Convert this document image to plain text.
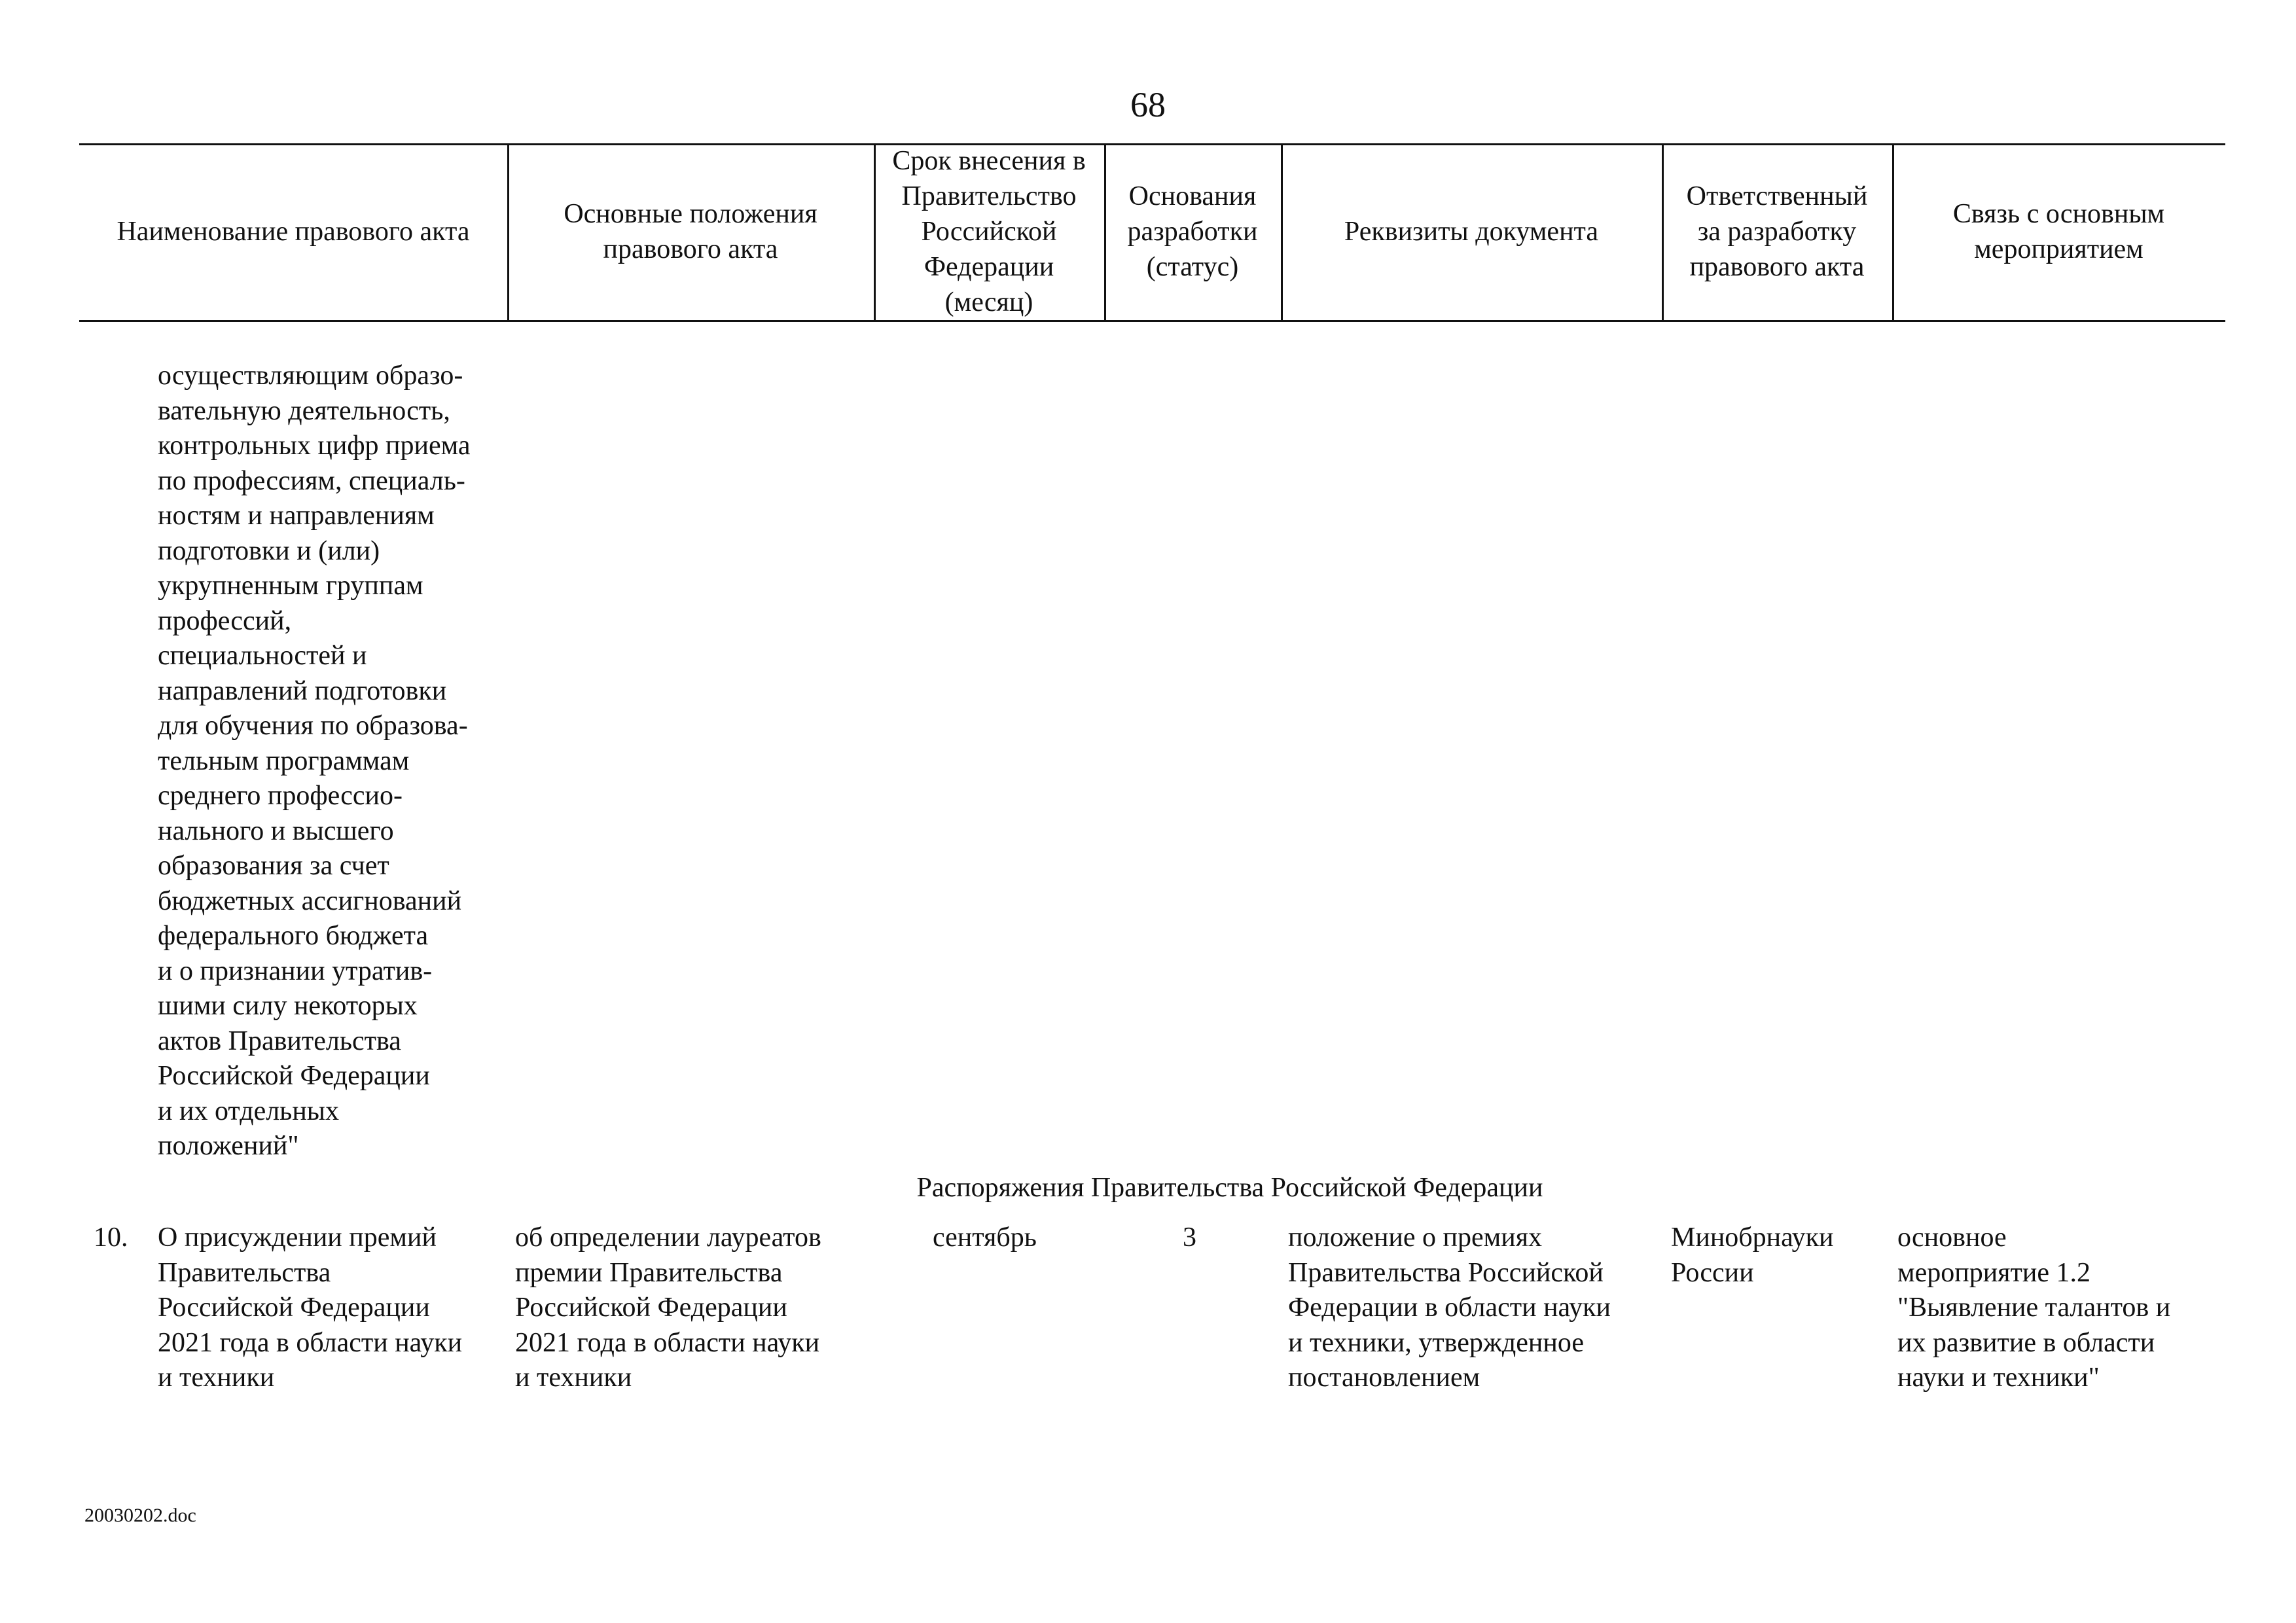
68
Наименование правового акта
Основные положения
правового акта
Срок внесения в
Правительство
Российской
Федерации
(месяц)
Основания
разработки
(статус)
Реквизиты документа
Ответственный
за разработку
правового акта
Связь с основным
мероприятием
осуществляющим образо-
вательную деятельность,
контрольных цифр приема
по профессиям, специаль-
ностям и направлениям
подготовки и (или)
укрупненным группам
профессий,
специальностей и
направлений подготовки
для обучения по образова-
тельным программам
среднего профессио-
нального и высшего
образования за счет
бюджетных ассигнований
федерального бюджета
и о признании утратив-
шими силу некоторых
актов Правительства
Российской Федерации
и их отдельных
положений"
Распоряжения Правительства Российской Федерации
10. О присуждении премий
Правительства
Российской Федерации
2021 года в области науки
и техники
об определении лауреатов
премии Правительства
Российской Федерации
2021 года в области науки
и техники
сентябрь	3	положение о премиях
Правительства Российской
Федерации в области науки
и техники, утвержденное
постановлением
Минобрнауки
России
основное
мероприятие 1.2
"Выявление талантов и
их развитие в области
науки и техники"
20030202.doc
